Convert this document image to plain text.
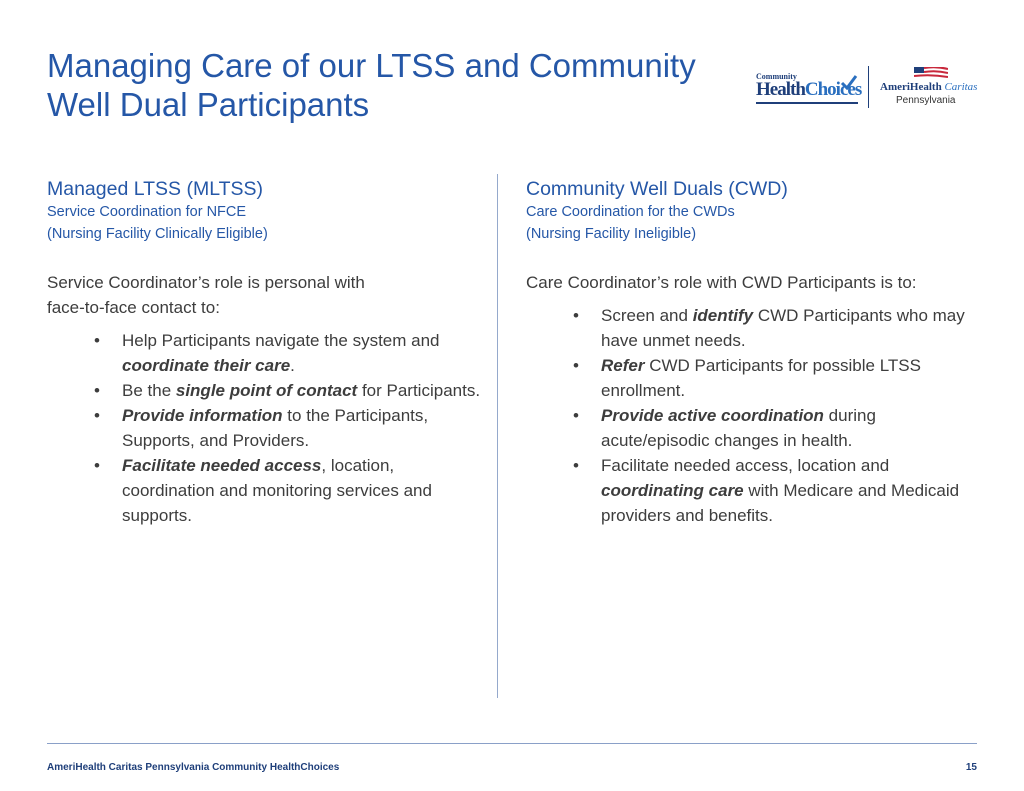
Managing Care of our LTSS and Community
Well Dual Participants
Community
HealthChoices AmeriHealth Caritas
Pennsylvania
Managed LTSS (MLTSS)

Service Coordination for NFCE
(Nursing Facility Clinically Eligible)

Service Coordinator’s role is personal with
face-to-face contact to:

• Help Participants navigate the system and coordinate their care.
• Be the single point of contact for Participants.
• Provide information to the Participants, Supports, and Providers.
• Facilitate needed access, location, coordination and monitoring services and supports.
Community Well Duals (CWD)

Care Coordination for the CWDs
(Nursing Facility Ineligible)

Care Coordinator’s role with CWD Participants is to:

• Screen and identify CWD Participants who may have unmet needs.
• Refer CWD Participants for possible LTSS enrollment.
• Provide active coordination during acute/episodic changes in health.
• Facilitate needed access, location and coordinating care with Medicare and Medicaid providers and benefits.
AmeriHealth Caritas Pennsylvania Community HealthChoices	15
